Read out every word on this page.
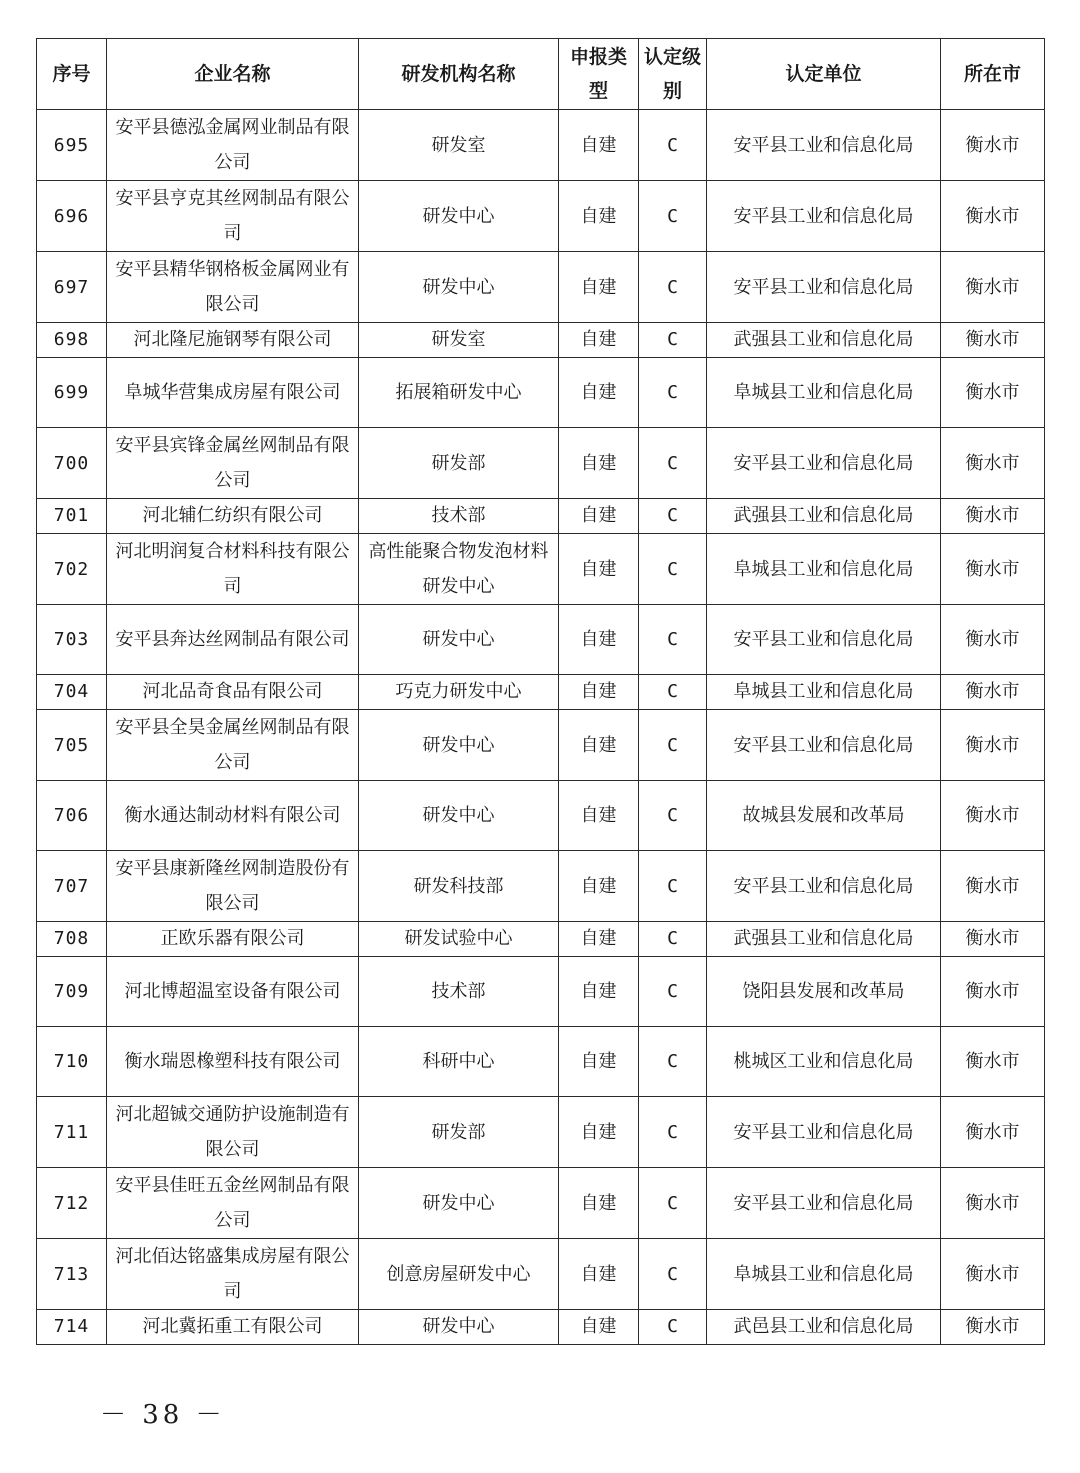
序号	企业名称	研发机构名称	申报类型	认定级别	认定单位	所在市
695	安平县德泓金属网业制品有限公司	研发室	自建	C	安平县工业和信息化局	衡水市
696	安平县亨克其丝网制品有限公司	研发中心	自建	C	安平县工业和信息化局	衡水市
697	安平县精华钢格板金属网业有限公司	研发中心	自建	C	安平县工业和信息化局	衡水市
698	河北隆尼施钢琴有限公司	研发室	自建	C	武强县工业和信息化局	衡水市
699	阜城华营集成房屋有限公司	拓展箱研发中心	自建	C	阜城县工业和信息化局	衡水市
700	安平县宾锋金属丝网制品有限公司	研发部	自建	C	安平县工业和信息化局	衡水市
701	河北辅仁纺织有限公司	技术部	自建	C	武强县工业和信息化局	衡水市
702	河北明润复合材料科技有限公司	高性能聚合物发泡材料研发中心	自建	C	阜城县工业和信息化局	衡水市
703	安平县奔达丝网制品有限公司	研发中心	自建	C	安平县工业和信息化局	衡水市
704	河北品奇食品有限公司	巧克力研发中心	自建	C	阜城县工业和信息化局	衡水市
705	安平县全昊金属丝网制品有限公司	研发中心	自建	C	安平县工业和信息化局	衡水市
706	衡水通达制动材料有限公司	研发中心	自建	C	故城县发展和改革局	衡水市
707	安平县康新隆丝网制造股份有限公司	研发科技部	自建	C	安平县工业和信息化局	衡水市
708	正欧乐器有限公司	研发试验中心	自建	C	武强县工业和信息化局	衡水市
709	河北博超温室设备有限公司	技术部	自建	C	饶阳县发展和改革局	衡水市
710	衡水瑞恩橡塑科技有限公司	科研中心	自建	C	桃城区工业和信息化局	衡水市
711	河北超铖交通防护设施制造有限公司	研发部	自建	C	安平县工业和信息化局	衡水市
712	安平县佳旺五金丝网制品有限公司	研发中心	自建	C	安平县工业和信息化局	衡水市
713	河北佰达铭盛集成房屋有限公司	创意房屋研发中心	自建	C	阜城县工业和信息化局	衡水市
714	河北冀拓重工有限公司	研发中心	自建	C	武邑县工业和信息化局	衡水市
－ 38 －
